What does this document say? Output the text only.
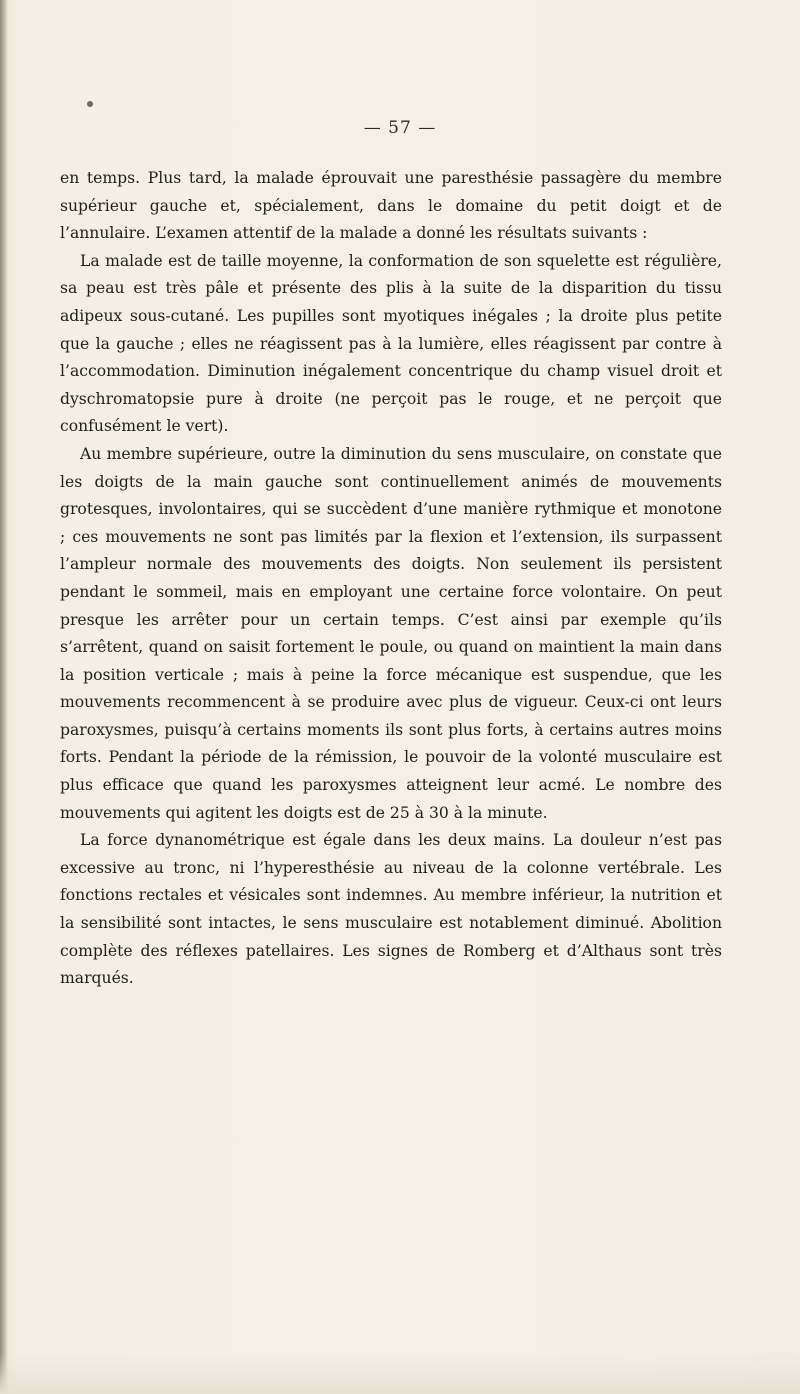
— 57 —

en temps. Plus tard, la malade éprouvait une paresthésie passagère du membre supérieur gauche et, spécialement, dans le domaine du petit doigt et de l’annulaire. L’examen attentif de la malade a donné les résultats suivants :

La malade est de taille moyenne, la conformation de son squelette est régulière, sa peau est très pâle et présente des plis à la suite de la disparition du tissu adipeux sous-cutané. Les pupilles sont myotiques inégales ; la droite plus petite que la gauche ; elles ne réagissent pas à la lumière, elles réagissent par contre à l’accommodation. Diminution inégalement concentrique du champ visuel droit et dyschromatopsie pure à droite (ne perçoit pas le rouge, et ne perçoit que confusément le vert).

Au membre supérieure, outre la diminution du sens musculaire, on constate que les doigts de la main gauche sont continuellement animés de mouvements grotesques, involontaires, qui se succèdent d’une manière rythmique et monotone ; ces mouvements ne sont pas limités par la flexion et l’extension, ils surpassent l’ampleur normale des mouvements des doigts. Non seulement ils persistent pendant le sommeil, mais en employant une certaine force volontaire. On peut presque les arrêter pour un certain temps. C’est ainsi par exemple qu’ils s’arrêtent, quand on saisit fortement le poule, ou quand on maintient la main dans la position verticale ; mais à peine la force mécanique est suspendue, que les mouvements recommencent à se produire avec plus de vigueur. Ceux-ci ont leurs paroxysmes, puisqu’à certains moments ils sont plus forts, à certains autres moins forts. Pendant la période de la rémission, le pouvoir de la volonté musculaire est plus efficace que quand les paroxysmes atteignent leur acmé. Le nombre des mouvements qui agitent les doigts est de 25 à 30 à la minute.

La force dynanométrique est égale dans les deux mains. La douleur n’est pas excessive au tronc, ni l’hyperesthésie au niveau de la colonne vertébrale. Les fonctions rectales et vésicales sont indemnes. Au membre inférieur, la nutrition et la sensibilité sont intactes, le sens musculaire est notablement diminué. Abolition complète des réflexes patellaires. Les signes de Romberg et d’Althaus sont très marqués.
